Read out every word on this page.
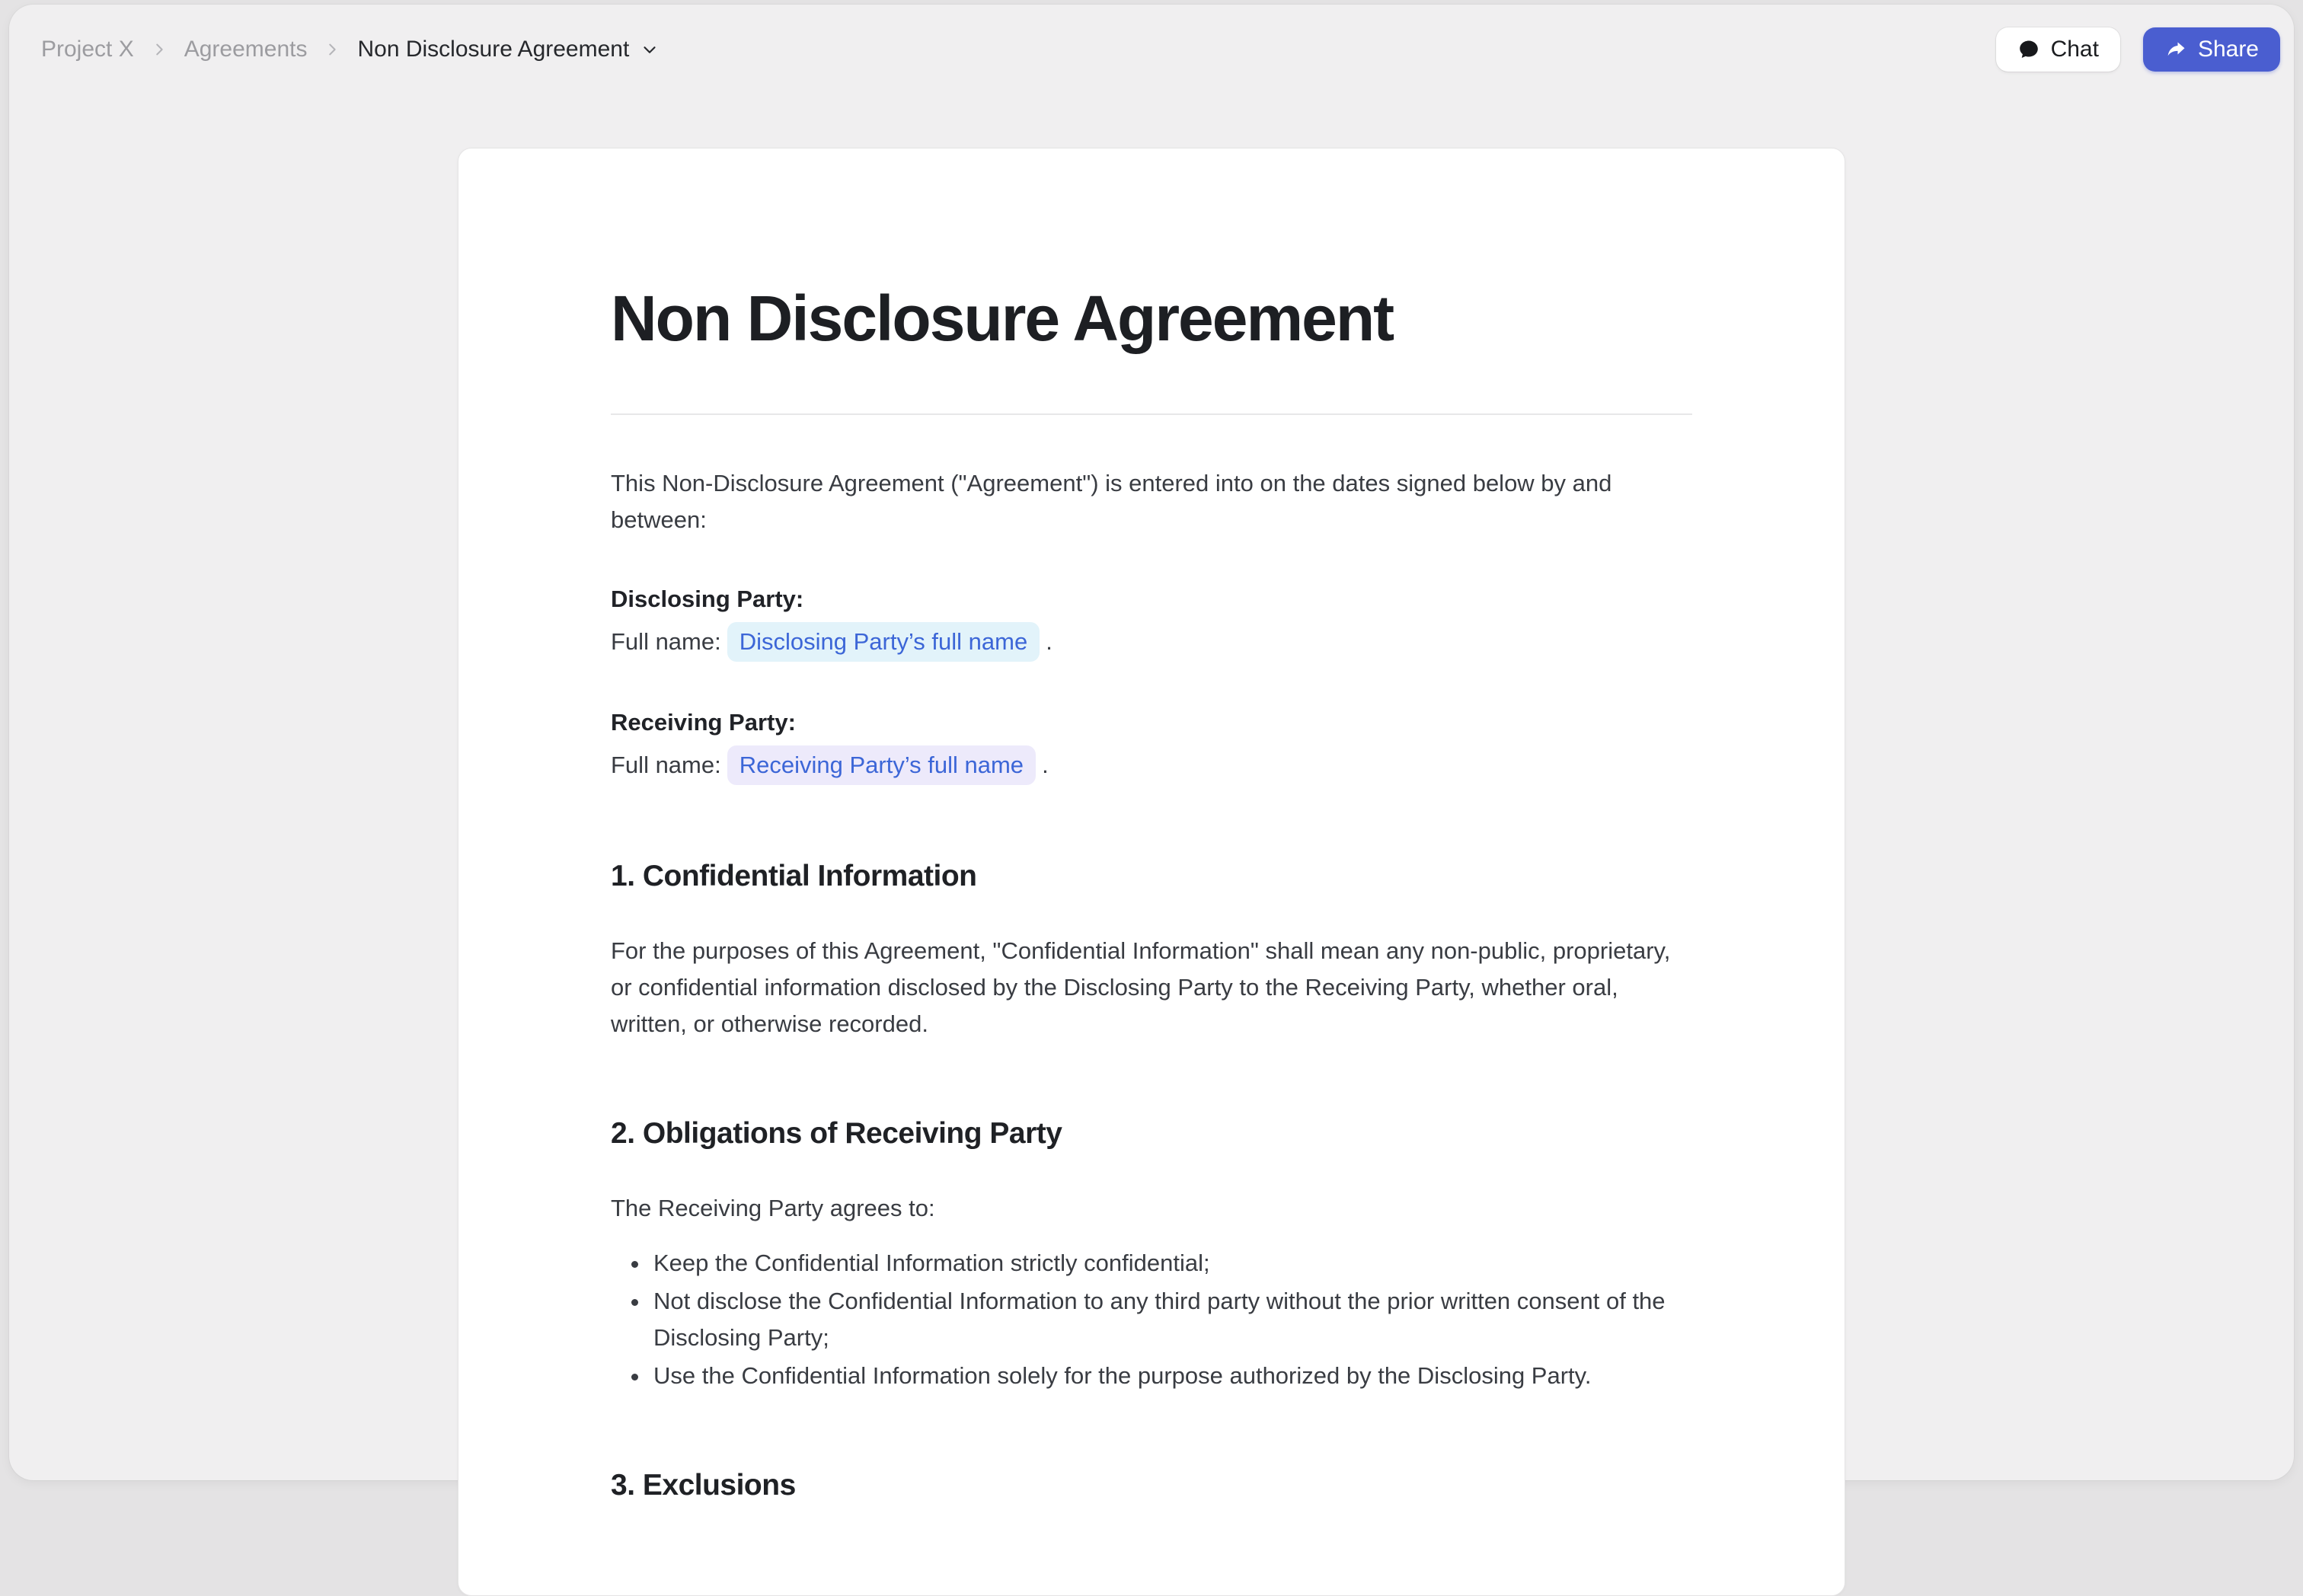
Project X Agreements Non Disclosure Agreement	Chat	Share
Non Disclosure Agreement

This Non-Disclosure Agreement ("Agreement") is entered into on the dates signed below by and between:

Disclosing Party:
Full name: Disclosing Party’s full name .
Receiving Party:
Full name: Receiving Party’s full name .
1. Confidential Information

For the purposes of this Agreement, "Confidential Information" shall mean any non-public, proprietary, or confidential information disclosed by the Disclosing Party to the Receiving Party, whether oral, written, or otherwise recorded.

2. Obligations of Receiving Party

The Receiving Party agrees to:

• Keep the Confidential Information strictly confidential;
• Not disclose the Confidential Information to any third party without the prior written consent of the Disclosing Party;
• Use the Confidential Information solely for the purpose authorized by the Disclosing Party.
3. Exclusions
